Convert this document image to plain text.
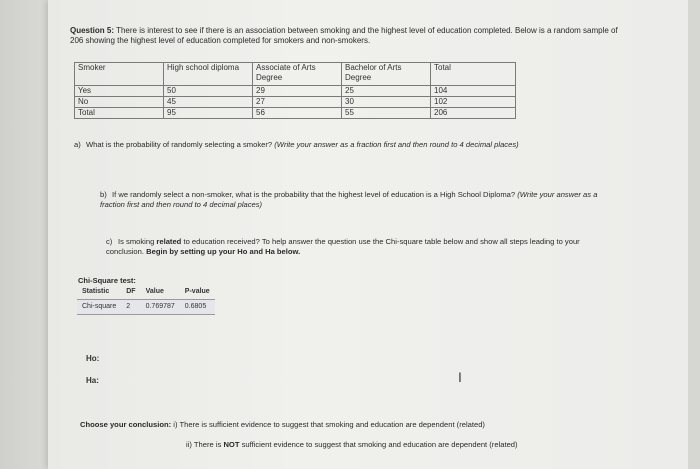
Question 5: There is interest to see if there is an association between smoking and the highest level of education completed. Below is a random sample of 206 showing the highest level of education completed for smokers and non-smokers.
Smoker	High school diploma	Associate of Arts Degree	Bachelor of Arts Degree	Total
Yes	50	29	25	104
No	45	27	30	102
Total	95	56	55	206
a) What is the probability of randomly selecting a smoker? (Write your answer as a fraction first and then round to 4 decimal places)
b) If we randomly select a non-smoker, what is the probability that the highest level of education is a High School Diploma? (Write your answer as a fraction first and then round to 4 decimal places)
c) Is smoking related to education received? To help answer the question use the Chi-square table below and show all steps leading to your conclusion. Begin by setting up your Ho and Ha below.
Chi-Square test:
Statistic	DF	Value	P-value
Chi-square	2	0.769787	0.6805
Ho:
Ha:	I
Choose your conclusion: i) There is sufficient evidence to suggest that smoking and education are dependent (related)
ii) There is NOT sufficient evidence to suggest that smoking and education are dependent (related)
